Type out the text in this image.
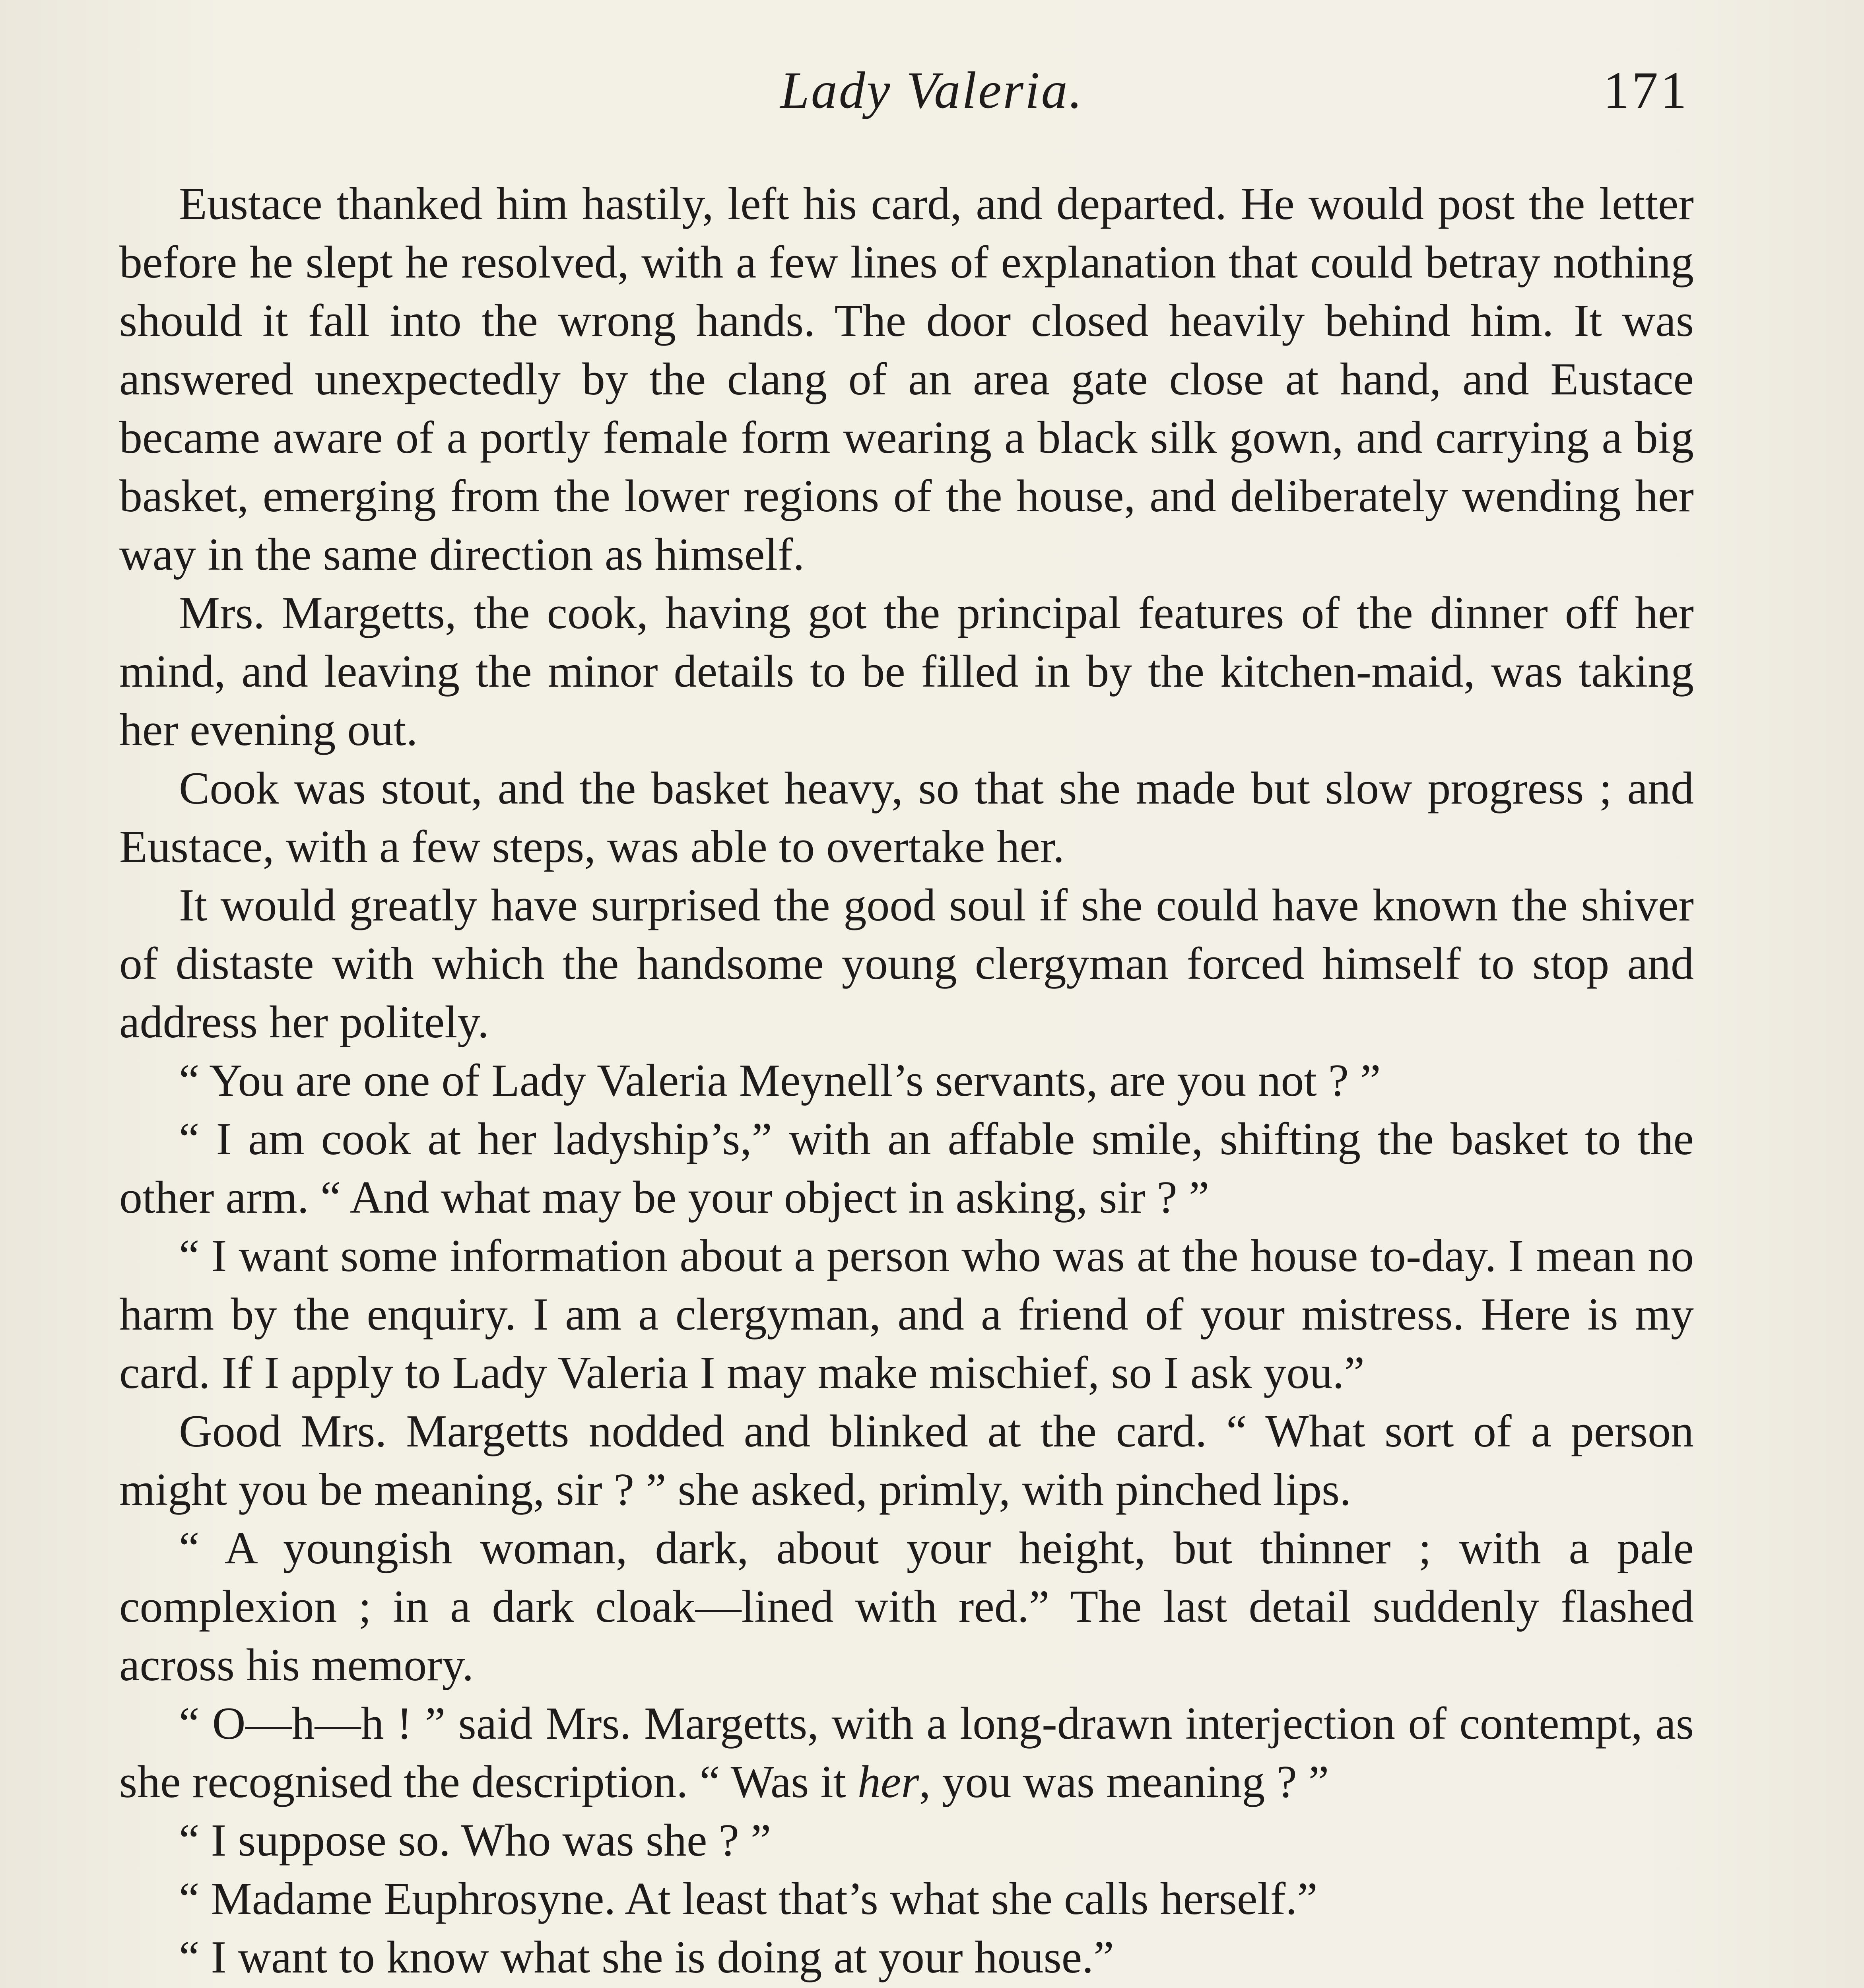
Lady Valeria.	171

Eustace thanked him hastily, left his card, and departed. He would post the letter before he slept he resolved, with a few lines of explanation that could betray nothing should it fall into the wrong hands. The door closed heavily behind him. It was answered unexpectedly by the clang of an area gate close at hand, and Eustace became aware of a portly female form wearing a black silk gown, and carrying a big basket, emerging from the lower regions of the house, and deliberately wending her way in the same direction as himself.

Mrs. Margetts, the cook, having got the principal features of the dinner off her mind, and leaving the minor details to be filled in by the kitchen-maid, was taking her evening out.

Cook was stout, and the basket heavy, so that she made but slow progress ; and Eustace, with a few steps, was able to overtake her.

It would greatly have surprised the good soul if she could have known the shiver of distaste with which the handsome young clergyman forced himself to stop and address her politely.

“ You are one of Lady Valeria Meynell’s servants, are you not ? ”

“ I am cook at her ladyship’s,” with an affable smile, shifting the basket to the other arm. “ And what may be your object in asking, sir ? ”

“ I want some information about a person who was at the house to-day. I mean no harm by the enquiry. I am a clergyman, and a friend of your mistress. Here is my card. If I apply to Lady Valeria I may make mischief, so I ask you.”

Good Mrs. Margetts nodded and blinked at the card. “ What sort of a person might you be meaning, sir ? ” she asked, primly, with pinched lips.

“ A youngish woman, dark, about your height, but thinner ; with a pale complexion ; in a dark cloak—lined with red.” The last detail suddenly flashed across his memory.

“ O—h—h ! ” said Mrs. Margetts, with a long-drawn interjection of contempt, as she recognised the description. “ Was it her, you was meaning ? ”

“ I suppose so. Who was she ? ”

“ Madame Euphrosyne. At least that’s what she calls herself.”

“ I want to know what she is doing at your house.”
